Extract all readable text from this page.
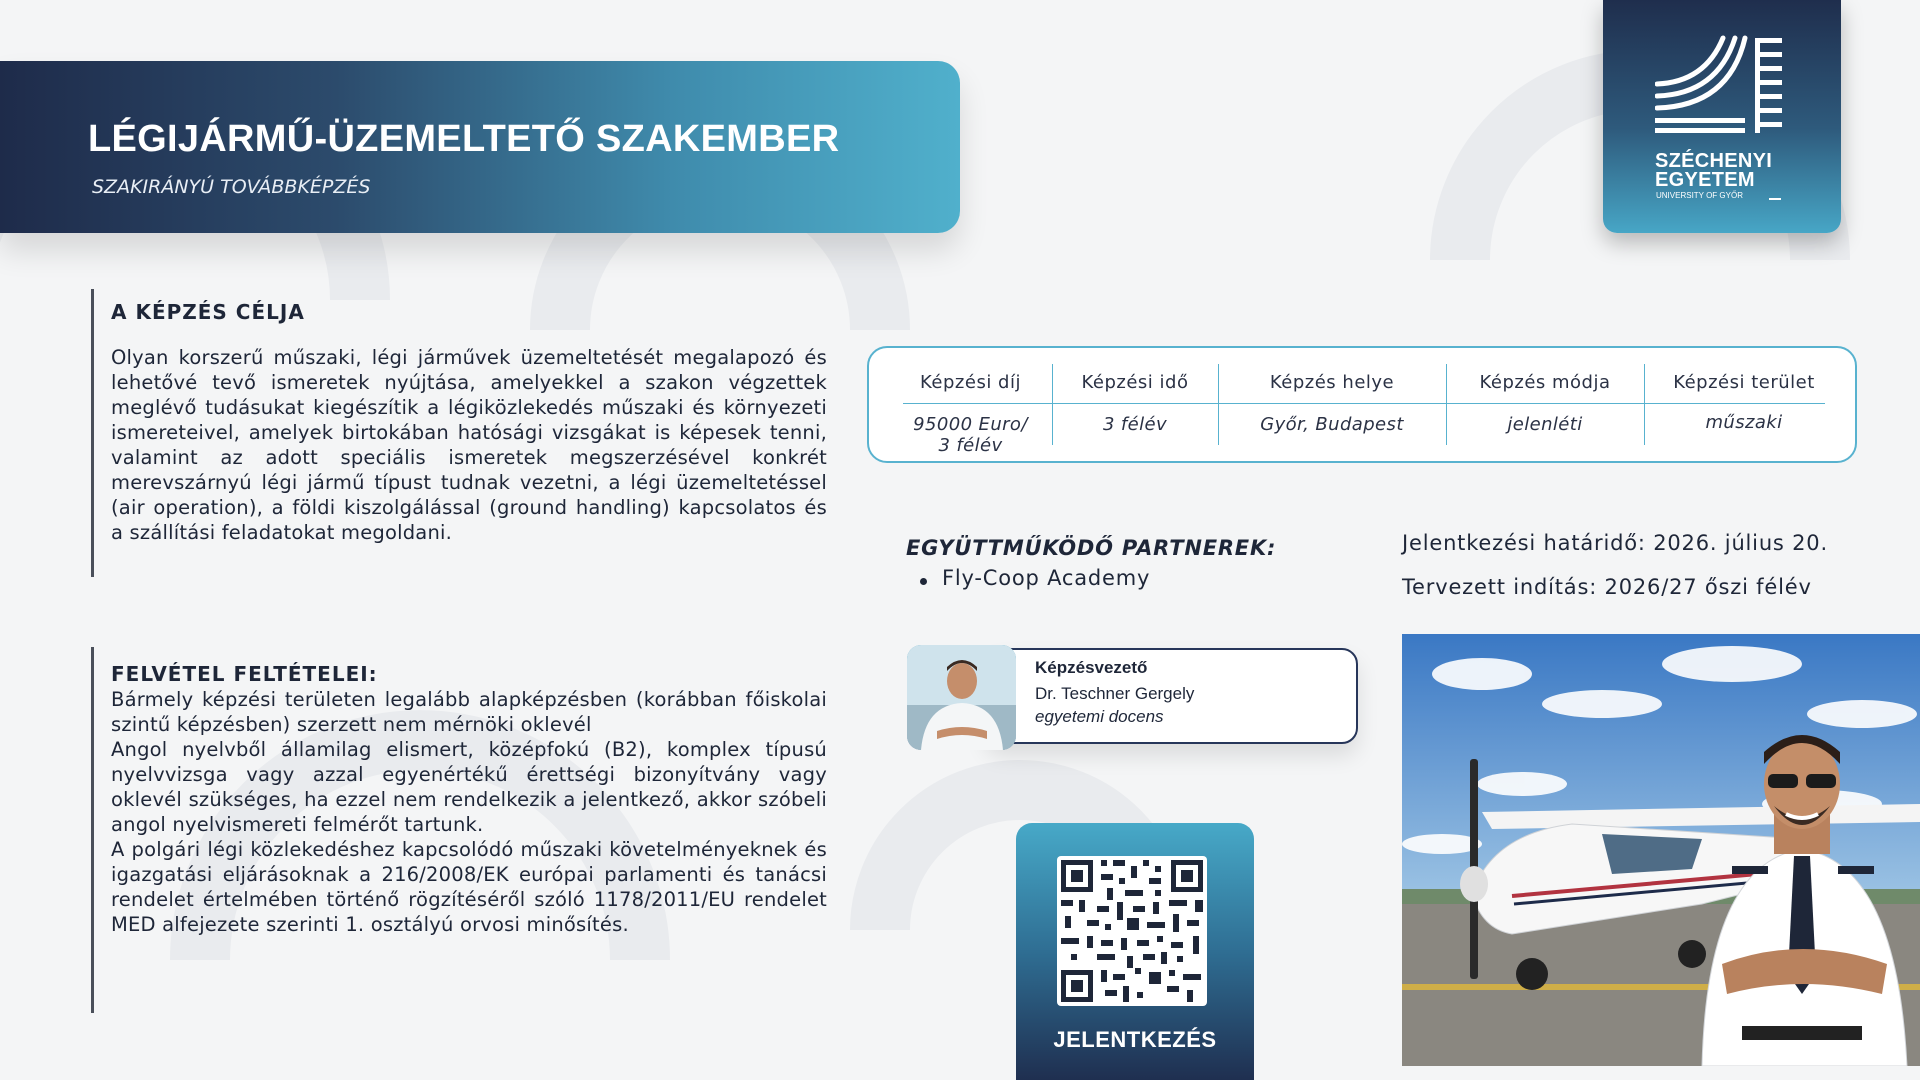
LÉGIJÁRMŰ-ÜZEMELTETŐ SZAKEMBER
SZAKIRÁNYÚ TOVÁBBKÉPZÉS
SZÉCHENYI
EGYETEM
UNIVERSITY OF GYŐR
A KÉPZÉS CÉLJA
Olyan korszerű műszaki, légi járművek üzemeltetését megalapozó és lehetővé tevő ismeretek nyújtása, amelyekkel a szakon végzettek meglévő tudásukat kiegészítik a légiközlekedés műszaki és környezeti ismereteivel, amelyek birtokában hatósági vizsgákat is képesek tenni, valamint az adott speciális ismeretek megszerzésével konkrét merevszárnyú légi jármű típust tudnak vezetni, a légi üzemeltetéssel (air operation), a földi kiszolgálással (ground handling) kapcsolatos és a szállítási feladatokat megoldani.
FELVÉTEL FELTÉTELEI:

Bármely képzési területen legalább alapképzésben (korábban főiskolai szintű képzésben) szerzett nem mérnöki oklevél

Angol nyelvből államilag elismert, középfokú (B2), komplex típusú nyelvvizsga vagy azzal egyenértékű érettségi bizonyítvány vagy oklevél szükséges, ha ezzel nem rendelkezik a jelentkező, akkor szóbeli angol nyelvismereti felmérőt tartunk.

A polgári légi közlekedéshez kapcsolódó műszaki követelményeknek és igazgatási eljárásoknak a 216/2008/EK európai parlamenti és tanácsi rendelet értelmében történő rögzítéséről szóló 1178/2011/EU rendelet MED alfejezete szerinti 1. osztályú orvosi minősítés.

Képzési díj
95000 Euro/
3 félév
Képzési idő
3 félév
Képzés helye
Győr, Budapest
Képzés módja
jelenléti
Képzési terület
műszaki
EGYÜTTMŰKÖDŐ PARTNEREK:
Fly-Coop Academy
Jelentkezési határidő: 2026. július 20.
Tervezett indítás: 2026/27 őszi félév
Képzésvezető
Dr. Teschner Gergely
egyetemi docens
JELENTKEZÉS
